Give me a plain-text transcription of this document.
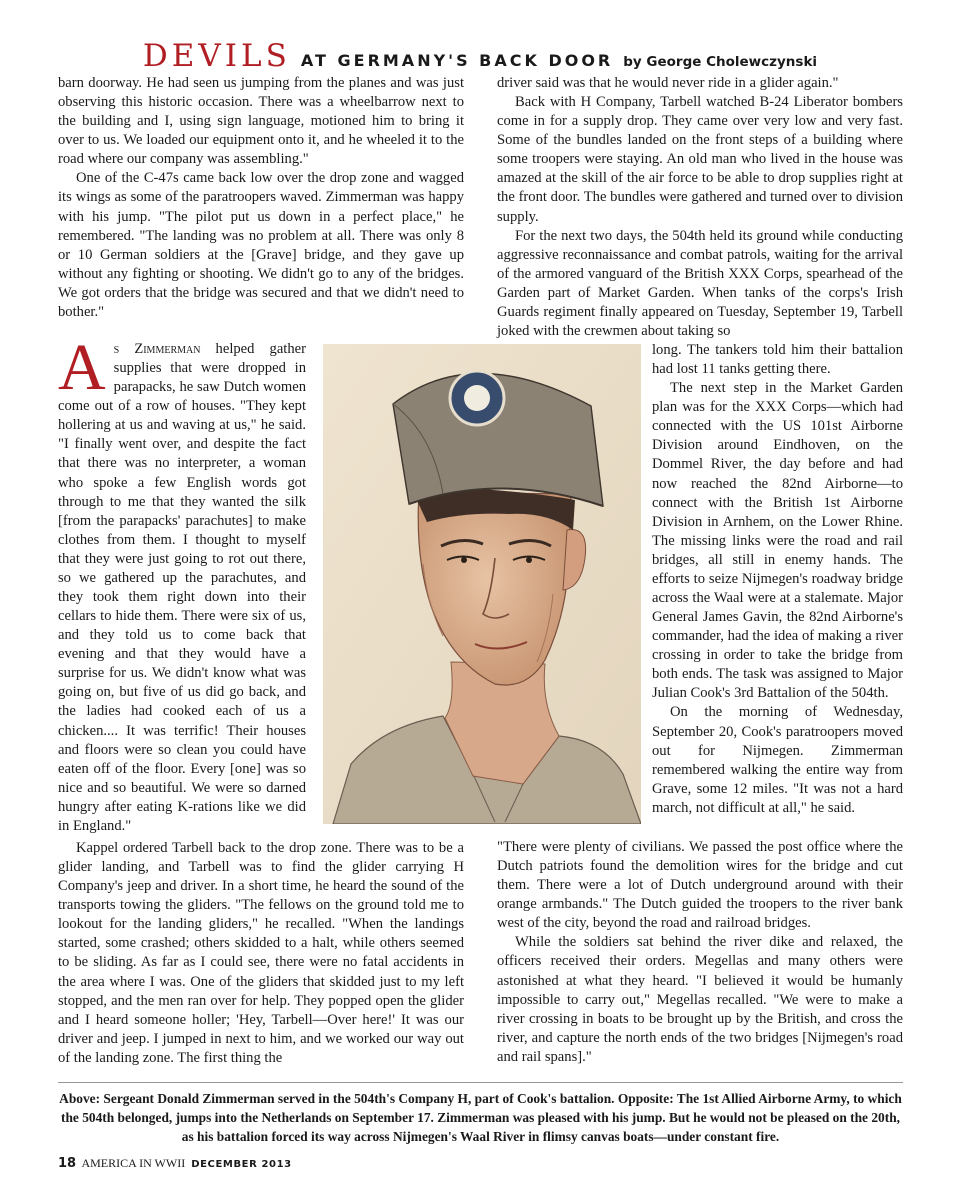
DEVILS AT GERMANY'S BACK DOOR by George Cholewczynski

barn doorway. He had seen us jumping from the planes and was just observing this historic occasion. There was a wheelbarrow next to the building and I, using sign language, motioned him to bring it over to us. We loaded our equipment onto it, and he wheeled it to the road where our company was assembling."

One of the C-47s came back low over the drop zone and wagged its wings as some of the paratroopers waved. Zimmerman was happy with his jump. "The pilot put us down in a perfect place," he remembered. "The landing was no problem at all. There was only 8 or 10 German soldiers at the [Grave] bridge, and they gave up without any fighting or shooting. We didn't go to any of the bridges. We got orders that the bridge was secured and that we didn't need to bother."

As Zimmerman helped gather supplies that were dropped in parapacks, he saw Dutch women come out of a row of houses. "They kept hollering at us and waving at us," he said. "I finally went over, and despite the fact that there was no interpreter, a woman who spoke a few English words got through to me that they wanted the silk [from the parapacks' parachutes] to make clothes from them. I thought to myself that they were just going to rot out there, so we gathered up the parachutes, and they took them right down into their cellars to hide them. There were six of us, and they told us to come back that evening and that they would have a surprise for us. We didn't know what was going on, but five of us did go back, and the ladies had cooked each of us a chicken.... It was terrific! Their houses and floors were so clean you could have eaten off of the floor. Every [one] was so nice and so beautiful. We were so darned hungry after eating K-rations like we did in England."

Kappel ordered Tarbell back to the drop zone. There was to be a glider landing, and Tarbell was to find the glider carrying H Company's jeep and driver. In a short time, he heard the sound of the transports towing the gliders. "The fellows on the ground told me to lookout for the landing gliders," he recalled. "When the landings started, some crashed; others skidded to a halt, while others seemed to be sliding. As far as I could see, there were no fatal accidents in the area where I was. One of the gliders that skidded just to my left stopped, and the men ran over for help. They popped open the glider and I heard someone holler; 'Hey, Tarbell—Over here!' It was our driver and jeep. I jumped in next to him, and we worked our way out of the landing zone. The first thing the

driver said was that he would never ride in a glider again."

Back with H Company, Tarbell watched B-24 Liberator bombers come in for a supply drop. They came over very low and very fast. Some of the bundles landed on the front steps of a building where some troopers were staying. An old man who lived in the house was amazed at the skill of the air force to be able to drop supplies right at the front door. The bundles were gathered and turned over to division supply.

For the next two days, the 504th held its ground while conducting aggressive reconnaissance and combat patrols, waiting for the arrival of the armored vanguard of the British XXX Corps, spearhead of the Garden part of Market Garden. When tanks of the corps's Irish Guards regiment finally appeared on Tuesday, September 19, Tarbell joked with the crewmen about taking so

long. The tankers told him their battalion had lost 11 tanks getting there.

The next step in the Market Garden plan was for the XXX Corps—which had connected with the US 101st Airborne Division around Eindhoven, on the Dommel River, the day before and had now reached the 82nd Airborne—to connect with the British 1st Airborne Division in Arnhem, on the Lower Rhine. The missing links were the road and rail bridges, all still in enemy hands. The efforts to seize Nijmegen's roadway bridge across the Waal were at a stalemate. Major General James Gavin, the 82nd Airborne's commander, had the idea of making a river crossing in order to take the bridge from both ends. The task was assigned to Major Julian Cook's 3rd Battalion of the 504th.

On the morning of Wednesday, September 20, Cook's paratroopers moved out for Nijmegen. Zimmerman remembered walking the entire way from Grave, some 12 miles. "It was not a hard march, not difficult at all," he said.

"There were plenty of civilians. We passed the post office where the Dutch patriots found the demolition wires for the bridge and cut them. There were a lot of Dutch underground around with their orange armbands." The Dutch guided the troopers to the river bank west of the city, beyond the road and railroad bridges.

While the soldiers sat behind the river dike and relaxed, the officers received their orders. Megellas and many others were astonished at what they heard. "I believed it would be humanly impossible to carry out," Megellas recalled. "We were to make a river crossing in boats to be brought up by the British, and cross the river, and capture the north ends of the two bridges [Nijmegen's road and rail spans]."

Above: Sergeant Donald Zimmerman served in the 504th's Company H, part of Cook's battalion. Opposite: The 1st Allied Airborne Army, to which the 504th belonged, jumps into the Netherlands on September 17. Zimmerman was pleased with his jump. But he would not be pleased on the 20th, as his battalion forced its way across Nijmegen's Waal River in flimsy canvas boats—under constant fire.
18 AMERICA IN WWII DECEMBER 2013
